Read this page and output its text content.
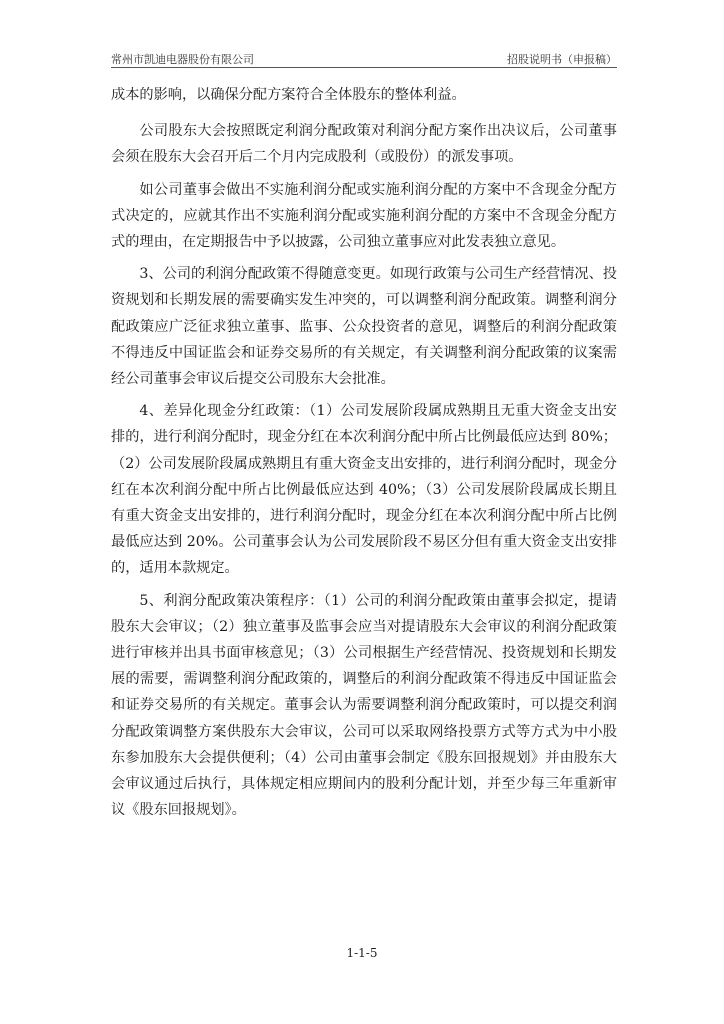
常州市凯迪电器股份有限公司	招股说明书（申报稿）

成本的影响，以确保分配方案符合全体股东的整体利益。

公司股东大会按照既定利润分配政策对利润分配方案作出决议后，公司董事会须在股东大会召开后二个月内完成股利（或股份）的派发事项。

如公司董事会做出不实施利润分配或实施利润分配的方案中不含现金分配方式决定的，应就其作出不实施利润分配或实施利润分配的方案中不含现金分配方式的理由，在定期报告中予以披露，公司独立董事应对此发表独立意见。

3、公司的利润分配政策不得随意变更。如现行政策与公司生产经营情况、投资规划和长期发展的需要确实发生冲突的，可以调整利润分配政策。调整利润分配政策应广泛征求独立董事、监事、公众投资者的意见，调整后的利润分配政策不得违反中国证监会和证券交易所的有关规定，有关调整利润分配政策的议案需经公司董事会审议后提交公司股东大会批准。

4、差异化现金分红政策：（1）公司发展阶段属成熟期且无重大资金支出安排的，进行利润分配时，现金分红在本次利润分配中所占比例最低应达到 80%；（2）公司发展阶段属成熟期且有重大资金支出安排的，进行利润分配时，现金分红在本次利润分配中所占比例最低应达到 40%；（3）公司发展阶段属成长期且有重大资金支出安排的，进行利润分配时，现金分红在本次利润分配中所占比例最低应达到 20%。公司董事会认为公司发展阶段不易区分但有重大资金支出安排的，适用本款规定。

5、利润分配政策决策程序：（1）公司的利润分配政策由董事会拟定，提请股东大会审议；（2）独立董事及监事会应当对提请股东大会审议的利润分配政策进行审核并出具书面审核意见；（3）公司根据生产经营情况、投资规划和长期发展的需要，需调整利润分配政策的，调整后的利润分配政策不得违反中国证监会和证券交易所的有关规定。董事会认为需要调整利润分配政策时，可以提交利润分配政策调整方案供股东大会审议，公司可以采取网络投票方式等方式为中小股东参加股东大会提供便利；（4）公司由董事会制定《股东回报规划》并由股东大会审议通过后执行，具体规定相应期间内的股利分配计划，并至少每三年重新审议《股东回报规划》。

1-1-5
